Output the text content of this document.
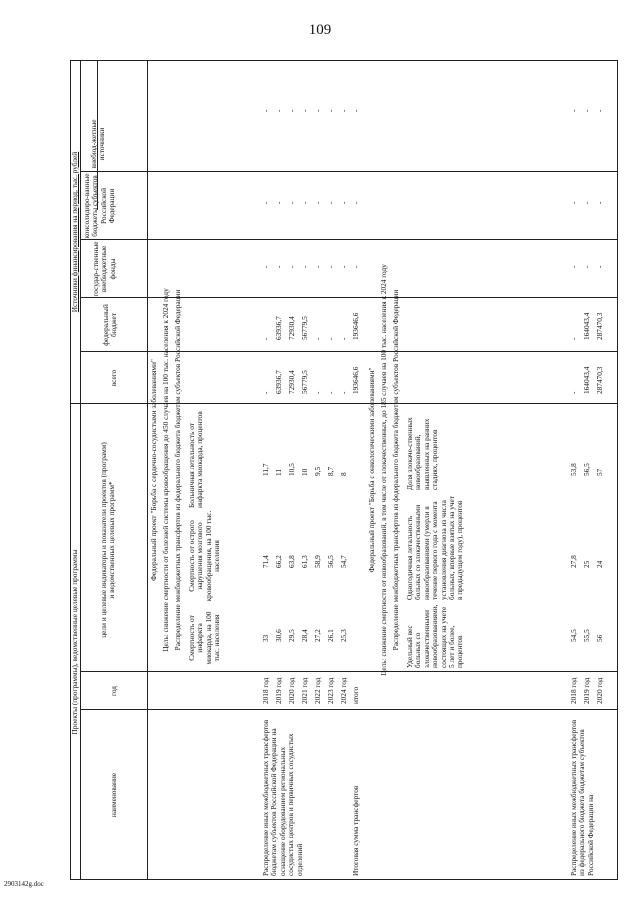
109
Проекты (программы), ведомственные целевые программы
Источники финансирования на период, тыс. рублей
наименование
год
цели и целевые индикаторы и показатели проектов (программ) и ведомственных целевых программ*
всего
федеральный бюджет
государ-ственные внебюджетные фонды
консолидиро-ванные бюджеты субъектов Российской Федерации
внебюд-жетные источники
Федеральный проект "Борьба с сердечно-сосудистыми заболеваниями" Цель: снижение смертности от болезней системы кровообращения до 450 случаев на 100 тыс. населения к 2024 году Распределение межбюджетных трансфертов из федерального бюджета бюджетам субъектов Российской Федерации Смертность от инфаркта миокарда, на 100 тыс. населения
Смертность от острого нарушения мозгового кровообращения, на 100 тыс. населения
Больничная летальность от инфаркта миокарда, процентов
Распределение иных межбюджетных трансфертов бюджетам субъектов Российской Федерации на оснащение оборудованием региональных сосудистых центров и первичных сосудистых отделений
2018 год
33
71,4
11,7
-
-
-
-
-
2019 год
30,6
66,2
11
63936,7
63936,7
-
-
-
2020 год
29,5
63,8
10,5
72930,4
72930,4
-
-
-
2021 год
28,4
61,3
10
56779,5
56779,5
-
-
-
2022 год
27,2
58,9
9,5
-
-
-
-
-
2023 год
26,1
56,5
8,7
-
-
-
-
-
2024 год
25,3
54,7
8
-
-
-
-
-
Итоговая сумма трансфертов
итого
193646,6
193646,6
-
-
-
Федеральный проект "Борьба с онкологическими заболеваниями" Цель: снижение смертности от новообразований, в том числе от злокачественных, до 185 случаев на 100 тыс. населения к 2024 году Распределение межбюджетных трансфертов из федерального бюджета бюджетам субъектов Российской Федерации Удельный вес больных со злокачественными новообразованиями, состоящих на учете 5 лет и более, процентов
Одногодичная летальность больных со злокачественными новообразованиями (умерли в течение первого года с момента установления диагноза из числа больных, впервые взятых на учет в предыдущем году), процентов
Доля злокаче-ственных новообразований, выявленных на ранних стадиях, процентов
Распределение иных межбюджетных трансфертов из федерального бюджета бюджетам субъектов Российской Федерации на
2018 год
54,5
27,8
53,8
-
-
-
-
-
2019 год
55,5
25
56,5
164043,4
164043,4
-
-
-
2020 год
56
24
57
287470,3
287470,3
-
-
-
2903142g.doc
